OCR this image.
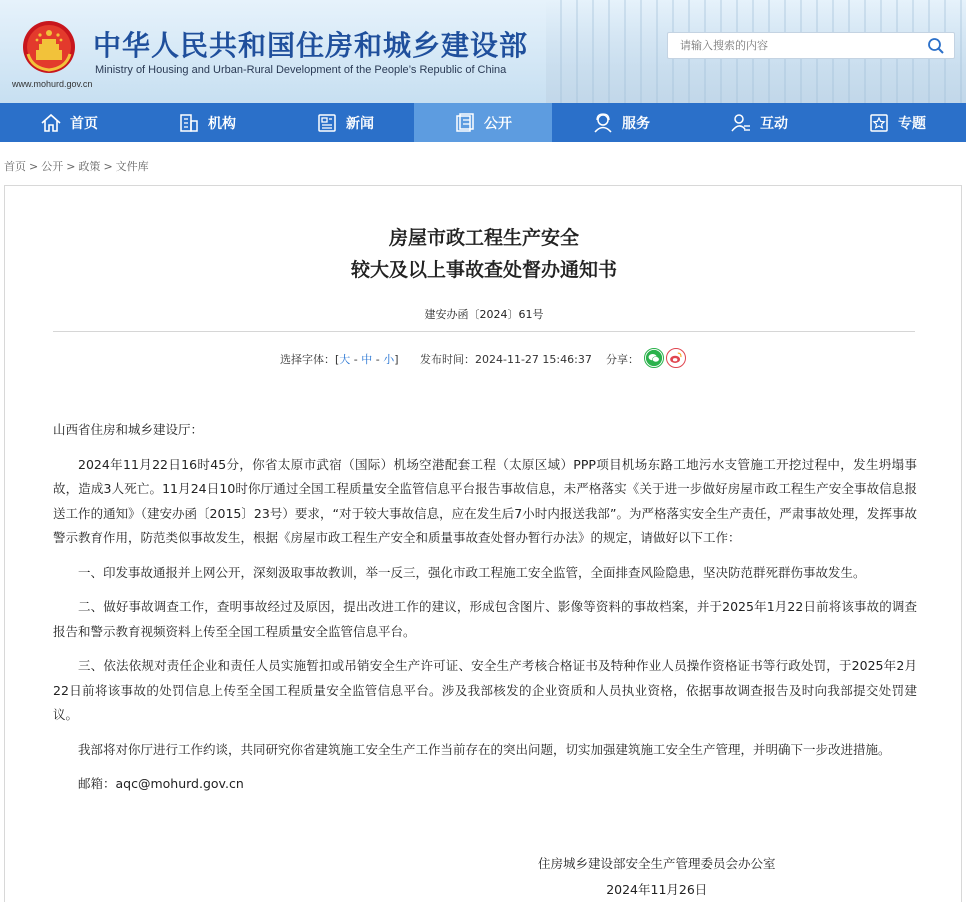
www.mohurd.gov.cn
中华人民共和国住房和城乡建设部
Ministry of Housing and Urban-Rural Development of the People’s Republic of China
请输入搜索的内容
首页	机构	新闻	公开	服务	互动	专题
首页 > 公开 > 政策 > 文件库
房屋市政工程生产安全
较大及以上事故查处督办通知书
建安办函〔2024〕61号
选择字体：[大 - 中 - 小] 发布时间：2024-11-27 15:46:37 分享：

山西省住房和城乡建设厅：

2024年11月22日16时45分，你省太原市武宿（国际）机场空港配套工程（太原区域）PPP项目机场东路工地污水支管施工开挖过程中，发生坍塌事故，造成3人死亡。11月24日10时你厅通过全国工程质量安全监管信息平台报告事故信息，未严格落实《关于进一步做好房屋市政工程生产安全事故信息报送工作的通知》（建安办函〔2015〕23号）要求，“对于较大事故信息，应在发生后7小时内报送我部”。为严格落实安全生产责任，严肃事故处理，发挥事故警示教育作用，防范类似事故发生，根据《房屋市政工程生产安全和质量事故查处督办暂行办法》的规定，请做好以下工作：

一、印发事故通报并上网公开，深刻汲取事故教训，举一反三，强化市政工程施工安全监管，全面排查风险隐患，坚决防范群死群伤事故发生。

二、做好事故调查工作，查明事故经过及原因，提出改进工作的建议，形成包含图片、影像等资料的事故档案，并于2025年1月22日前将该事故的调查报告和警示教育视频资料上传至全国工程质量安全监管信息平台。

三、依法依规对责任企业和责任人员实施暂扣或吊销安全生产许可证、安全生产考核合格证书及特种作业人员操作资格证书等行政处罚，于2025年2月22日前将该事故的处罚信息上传至全国工程质量安全监管信息平台。涉及我部核发的企业资质和人员执业资格，依据事故调查报告及时向我部提交处罚建议。

我部将对你厅进行工作约谈，共同研究你省建筑施工安全生产工作当前存在的突出问题，切实加强建筑施工安全生产管理，并明确下一步改进措施。

邮箱：aqc@mohurd.gov.cn

住房城乡建设部安全生产管理委员会办公室
2024年11月26日
